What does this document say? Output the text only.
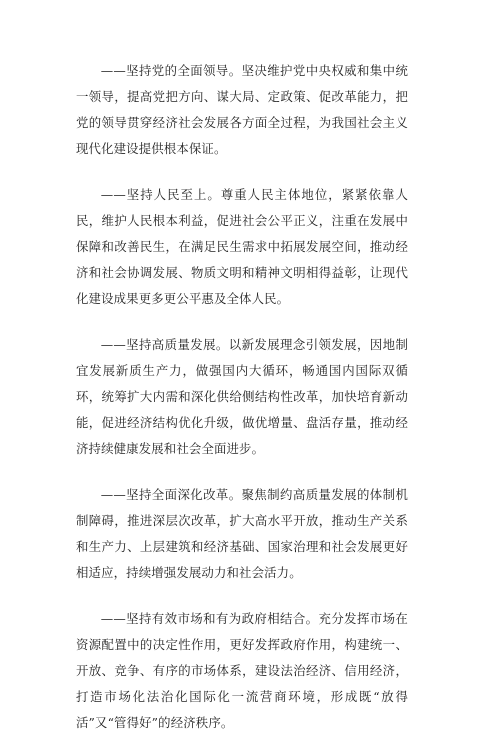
——坚持党的全面领导。坚决维护党中央权威和集中统一领导，提高党把方向、谋大局、定政策、促改革能力，把党的领导贯穿经济社会发展各方面全过程，为我国社会主义现代化建设提供根本保证。

——坚持人民至上。尊重人民主体地位，紧紧依靠人民，维护人民根本利益，促进社会公平正义，注重在发展中保障和改善民生，在满足民生需求中拓展发展空间，推动经济和社会协调发展、物质文明和精神文明相得益彰，让现代化建设成果更多更公平惠及全体人民。

——坚持高质量发展。以新发展理念引领发展，因地制宜发展新质生产力，做强国内大循环，畅通国内国际双循环，统筹扩大内需和深化供给侧结构性改革，加快培育新动能，促进经济结构优化升级，做优增量、盘活存量，推动经济持续健康发展和社会全面进步。

——坚持全面深化改革。聚焦制约高质量发展的体制机制障碍，推进深层次改革，扩大高水平开放，推动生产关系和生产力、上层建筑和经济基础、国家治理和社会发展更好相适应，持续增强发展动力和社会活力。

——坚持有效市场和有为政府相结合。充分发挥市场在资源配置中的决定性作用，更好发挥政府作用，构建统一、开放、竞争、有序的市场体系，建设法治经济、信用经济，打造市场化法治化国际化一流营商环境，形成既“放得活”又“管得好”的经济秩序。
